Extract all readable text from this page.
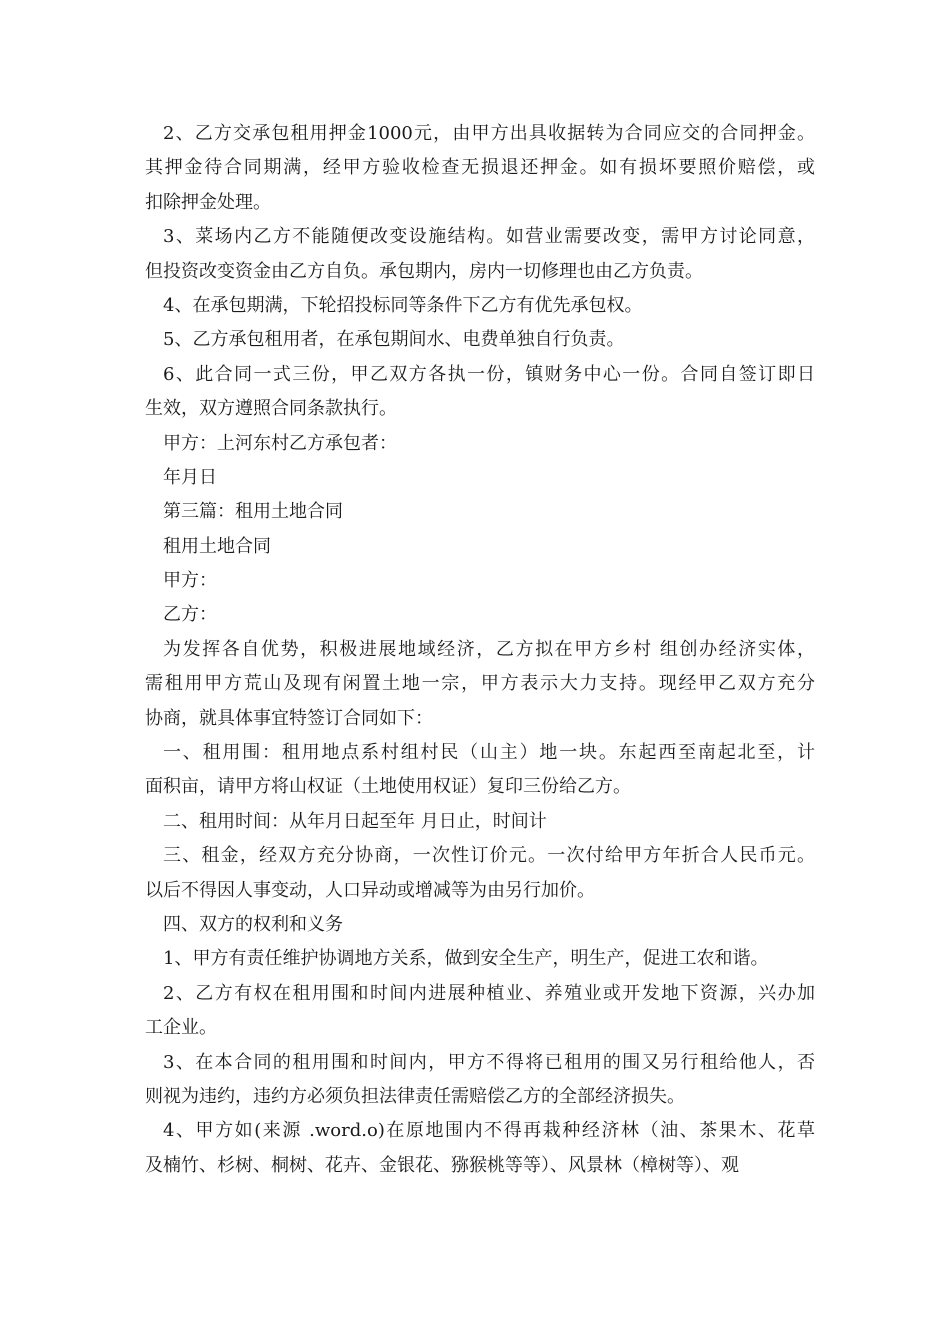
2、乙方交承包租用押金1000元，由甲方出具收据转为合同应交的合同押金。
其押金待合同期满，经甲方验收检查无损退还押金。如有损坏要照价赔偿，或
扣除押金处理。
3、菜场内乙方不能随便改变设施结构。如营业需要改变，需甲方讨论同意，
但投资改变资金由乙方自负。承包期内，房内一切修理也由乙方负责。
4、在承包期满，下轮招投标同等条件下乙方有优先承包权。
5、乙方承包租用者，在承包期间水、电费单独自行负责。
6、此合同一式三份，甲乙双方各执一份，镇财务中心一份。合同自签订即日
生效，双方遵照合同条款执行。
甲方：上河东村乙方承包者：
年月日
第三篇：租用土地合同
租用土地合同
甲方：
乙方：
为发挥各自优势，积极进展地域经济，乙方拟在甲方乡村 组创办经济实体，
需租用甲方荒山及现有闲置土地一宗，甲方表示大力支持。现经甲乙双方充分
协商，就具体事宜特签订合同如下：
一、租用围：租用地点系村组村民（山主）地一块。东起西至南起北至，计
面积亩，请甲方将山权证（土地使用权证）复印三份给乙方。
二、租用时间：从年月日起至年 月日止，时间计
三、租金，经双方充分协商，一次性订价元。一次付给甲方年折合人民币元。
以后不得因人事变动，人口异动或增减等为由另行加价。
四、双方的权利和义务
1、甲方有责任维护协调地方关系，做到安全生产，明生产，促进工农和谐。
2、乙方有权在租用围和时间内进展种植业、养殖业或开发地下资源，兴办加
工企业。
3、在本合同的租用围和时间内，甲方不得将已租用的围又另行租给他人，否
则视为违约，违约方必须负担法律责任需赔偿乙方的全部经济损失。
4、甲方如(来源 .word.o)在原地围内不得再栽种经济林（油、茶果木、花草
及楠竹、杉树、桐树、花卉、金银花、猕猴桃等等）、风景林（樟树等）、观
